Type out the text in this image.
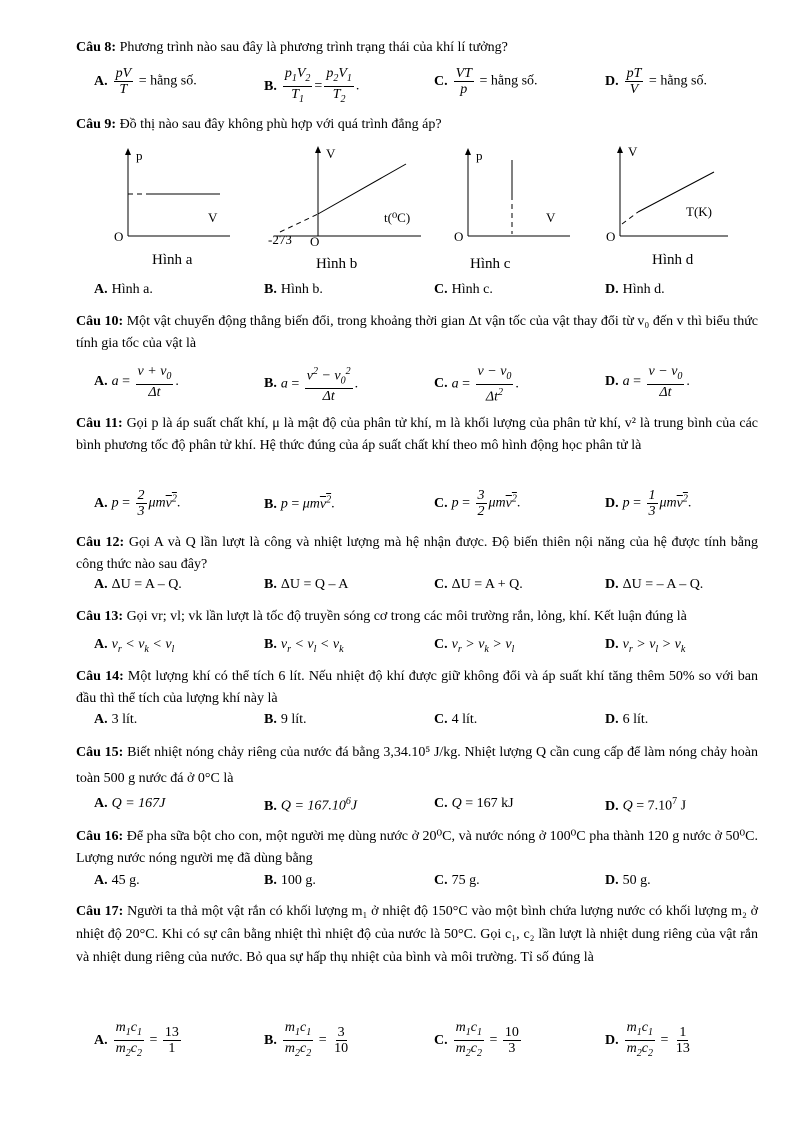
Câu 8: Phương trình nào sau đây là phương trình trạng thái của khí lí tưởng?
A. $\frac{pV}{T}$ = hằng số.	B. $\frac{p_1V_2}{T_1} = \frac{p_2V_1}{T_2}$ .	C. $\frac{VT}{p}$ = hằng số.	D. $\frac{pT}{V}$ = hằng số.
Câu 9: Đồ thị nào sau đây không phù hợp với quá trình đẳng áp?
p
V
O
Hình a
V
t(⁰C)
-273 O
Hình b
p
V
O
Hình c
V
T(K)
O
Hình d
A. Hình a.	B. Hình b.	C. Hình c.	D. Hình d.
Câu 10: Một vật chuyển động thẳng biến đổi, trong khoảng thời gian Δt vận tốc của vật thay đổi từ v₀ đến v thì biểu thức tính gia tốc của vật là
A. $a = \frac{v + v_0}{\Delta t}$ .	B. $a = \frac{v^2 - v_0^2}{\Delta t}$ .	C. $a = \frac{v - v_0}{\Delta t^2}$ .	D. $a = \frac{v - v_0}{\Delta t}$ .
Câu 11: Gọi p là áp suất chất khí, μ là mật độ của phân tử khí, m là khối lượng của phân tử khí, v² là trung bình của các bình phương tốc độ phân tử khí. Hệ thức đúng của áp suất chất khí theo mô hình động học phân tử là
A. $p = \frac{2}{3} \mu mv^2$.	B. p = μmv$^2$.	C. $p = \frac{3}{2} \mu mv^2$.	D. $p = \frac{1}{3} \mu mv^2$.
Câu 12: Gọi A và Q lần lượt là công và nhiệt lượng mà hệ nhận được. Độ biến thiên nội năng của hệ được tính bằng công thức nào sau đây?
A. ΔU = A – Q.	B. ΔU = Q – A	C. ΔU = A + Q.	D. ΔU = – A – Q.
Câu 13: Gọi vr; vl; vk lần lượt là tốc độ truyền sóng cơ trong các môi trường rắn, lỏng, khí. Kết luận đúng là
A. $v_r < v_k < v_l$	B. $v_r < v_l < v_k$	C. $v_r > v_k > v_l$	D. $v_r > v_l > v_k$
Câu 14: Một lượng khí có thể tích 6 lít. Nếu nhiệt độ khí được giữ không đổi và áp suất khí tăng thêm 50% so với ban đầu thì thể tích của lượng khí này là
A. 3 lít.	B. 9 lít.	C. 4 lít.	D. 6 lít.
Câu 15: Biết nhiệt nóng chảy riêng của nước đá bằng 3,34.10⁵ J/kg. Nhiệt lượng Q cần cung cấp để làm nóng chảy hoàn toàn 500 g nước đá ở 0°C là
A. Q = 167J	B. $Q = 167.10^6J$	C. Q = 167 kJ	D. $Q = 7.10^7$ J
Câu 16: Để pha sữa bột cho con, một người mẹ dùng nước ở 20⁰C, và nước nóng ở 100⁰C pha thành 120 g nước ở 50⁰C. Lượng nước nóng người mẹ đã dùng bằng
A. 45 g.	B. 100 g.	C. 75 g.	D. 50 g.
Câu 17: Người ta thả một vật rắn có khối lượng m₁ ở nhiệt độ 150°C vào một bình chứa lượng nước có khối lượng m₂ ở nhiệt độ 20°C. Khi có sự cân bằng nhiệt thì nhiệt độ của nước là 50°C. Gọi c₁, c₂ lần lượt là nhiệt dung riêng của vật rắn và nhiệt dung riêng của nước. Bỏ qua sự hấp thụ nhiệt của bình và môi trường. Tỉ số đúng là
A. $\frac{m_1c_1}{m_2c_2} = \frac{13}{1}$	B. $\frac{m_1c_1}{m_2c_2} = \frac{3}{10}$	C. $\frac{m_1c_1}{m_2c_2} = \frac{10}{3}$	D. $\frac{m_1c_1}{m_2c_2} = \frac{1}{13}$
